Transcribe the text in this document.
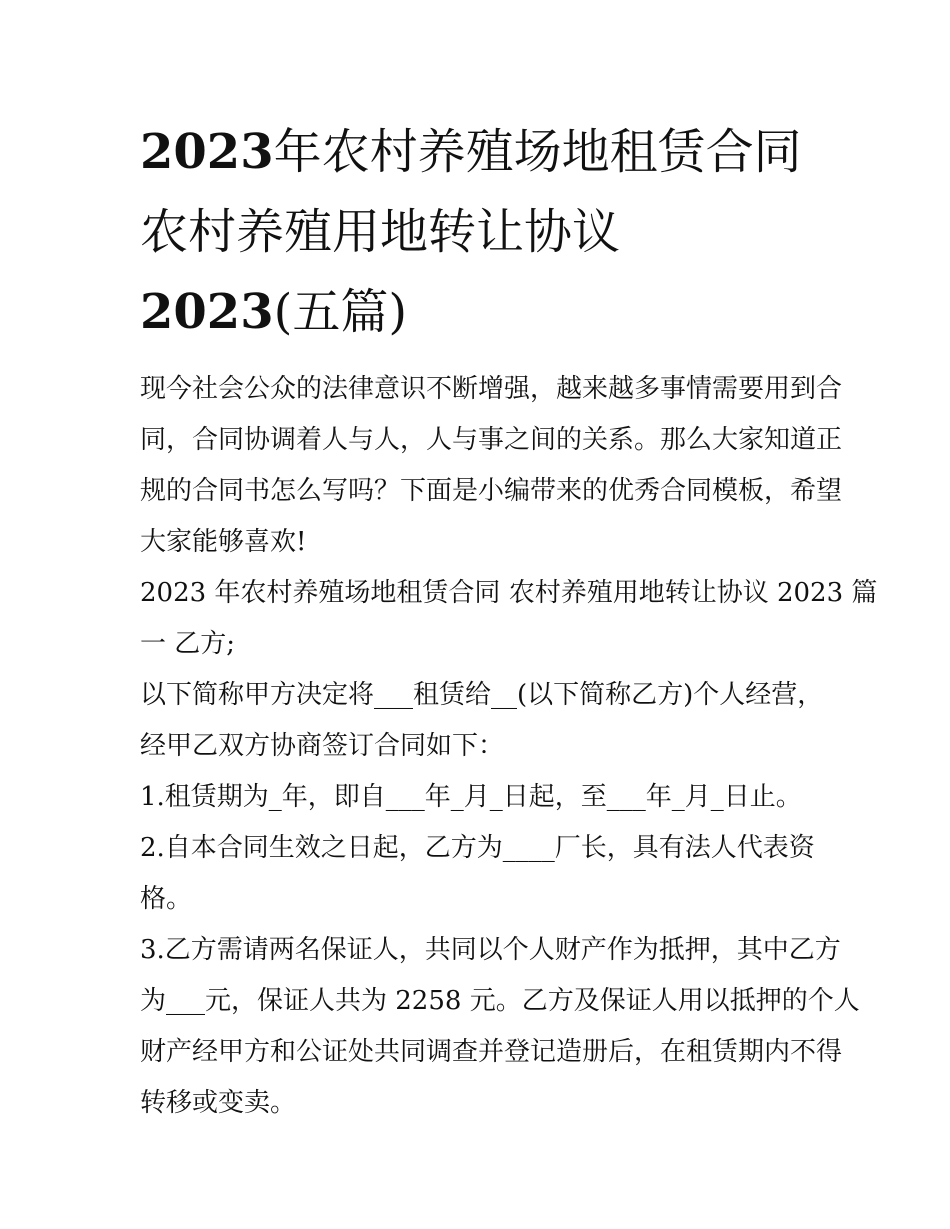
2023年农村养殖场地租赁合同
农村养殖用地转让协议
2023(五篇)

现今社会公众的法律意识不断增强，越来越多事情需要用到合
同，合同协调着人与人，人与事之间的关系。那么大家知道正
规的合同书怎么写吗？下面是小编带来的优秀合同模板，希望
大家能够喜欢!

2023 年农村养殖场地租赁合同 农村养殖用地转让协议 2023 篇
一 乙方;

以下简称甲方决定将___租赁给__(以下简称乙方)个人经营，
经甲乙双方协商签订合同如下：

1.租赁期为_年，即自___年_月_日起，至___年_月_日止。

2.自本合同生效之日起，乙方为____厂长，具有法人代表资
格。

3.乙方需请两名保证人，共同以个人财产作为抵押，其中乙方
为___元，保证人共为 2258 元。乙方及保证人用以抵押的个人
财产经甲方和公证处共同调查并登记造册后，在租赁期内不得
转移或变卖。
